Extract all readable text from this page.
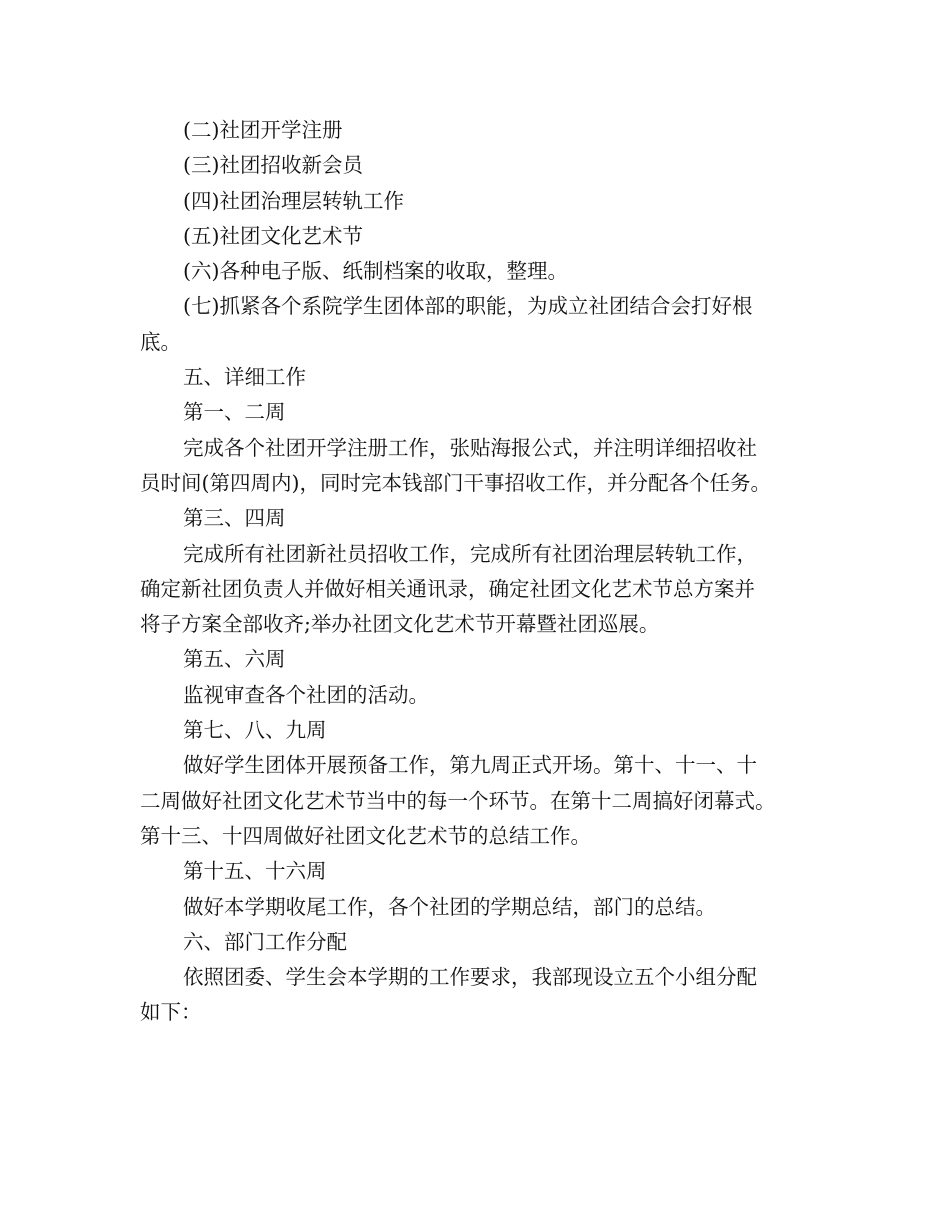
(二)社团开学注册
(三)社团招收新会员
(四)社团治理层转轨工作
(五)社团文化艺术节
(六)各种电子版、纸制档案的收取，整理。
(七)抓紧各个系院学生团体部的职能，为成立社团结合会打好根
底。
五、详细工作
第一、二周
完成各个社团开学注册工作，张贴海报公式，并注明详细招收社
员时间(第四周内)，同时完本钱部门干事招收工作，并分配各个任务。
第三、四周
完成所有社团新社员招收工作，完成所有社团治理层转轨工作，
确定新社团负责人并做好相关通讯录，确定社团文化艺术节总方案并
将子方案全部收齐;举办社团文化艺术节开幕暨社团巡展。
第五、六周
监视审查各个社团的活动。
第七、八、九周
做好学生团体开展预备工作，第九周正式开场。第十、十一、十
二周做好社团文化艺术节当中的每一个环节。在第十二周搞好闭幕式。
第十三、十四周做好社团文化艺术节的总结工作。
第十五、十六周
做好本学期收尾工作，各个社团的学期总结，部门的总结。
六、部门工作分配
依照团委、学生会本学期的工作要求，我部现设立五个小组分配
如下：
